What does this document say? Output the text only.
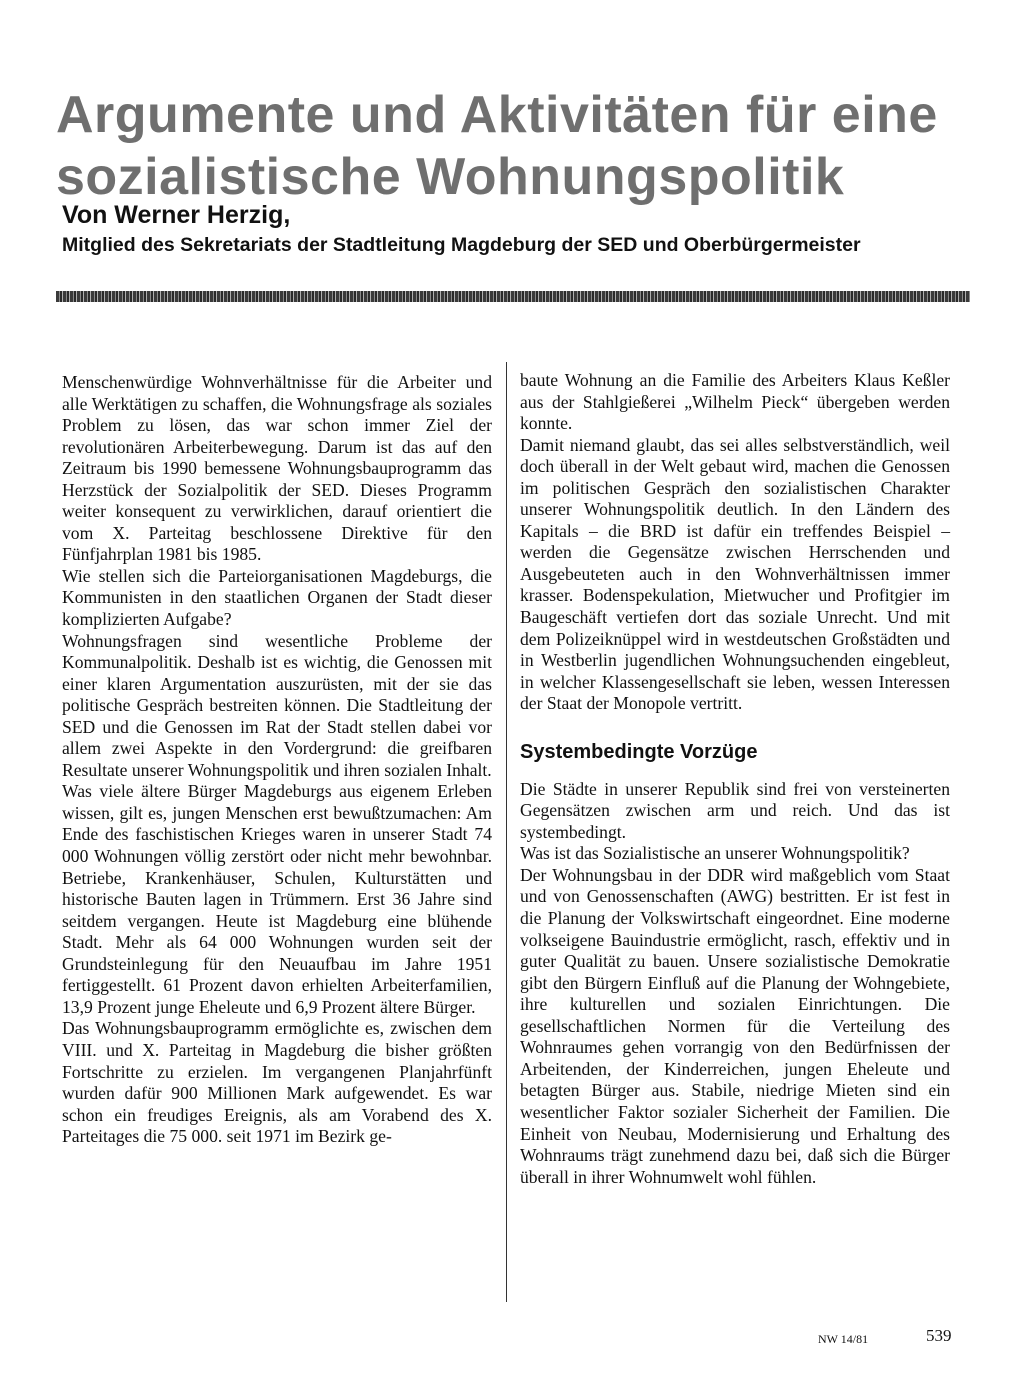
Argumente und Aktivitäten für eine
sozialistische Wohnungspolitik
Von Werner Herzig,
Mitglied des Sekretariats der Stadtleitung Magdeburg der SED und Oberbürgermeister

Menschenwürdige Wohnverhältnisse für die Arbeiter und alle Werktätigen zu schaffen, die Wohnungsfrage als soziales Problem zu lösen, das war schon immer Ziel der revolutionären Arbeiterbewegung. Darum ist das auf den Zeitraum bis 1990 bemessene Wohnungsbauprogramm das Herzstück der Sozialpolitik der SED. Dieses Programm weiter konsequent zu verwirklichen, darauf orientiert die vom X. Parteitag beschlossene Direktive für den Fünfjahrplan 1981 bis 1985.

Wie stellen sich die Parteiorganisationen Magdeburgs, die Kommunisten in den staatlichen Organen der Stadt dieser komplizierten Aufgabe?

Wohnungsfragen sind wesentliche Probleme der Kommunalpolitik. Deshalb ist es wichtig, die Genossen mit einer klaren Argumentation auszurüsten, mit der sie das politische Gespräch bestreiten können. Die Stadtleitung der SED und die Genossen im Rat der Stadt stellen dabei vor allem zwei Aspekte in den Vordergrund: die greifbaren Resultate unserer Wohnungspolitik und ihren sozialen Inhalt.

Was viele ältere Bürger Magdeburgs aus eigenem Erleben wissen, gilt es, jungen Menschen erst bewußtzumachen: Am Ende des faschistischen Krieges waren in unserer Stadt 74 000 Wohnungen völlig zerstört oder nicht mehr bewohnbar. Betriebe, Krankenhäuser, Schulen, Kulturstätten und historische Bauten lagen in Trümmern. Erst 36 Jahre sind seitdem vergangen. Heute ist Magdeburg eine blühende Stadt. Mehr als 64 000 Wohnungen wurden seit der Grundsteinlegung für den Neuaufbau im Jahre 1951 fertiggestellt. 61 Prozent davon erhielten Arbeiterfamilien, 13,9 Prozent junge Eheleute und 6,9 Prozent ältere Bürger.

Das Wohnungsbauprogramm ermöglichte es, zwischen dem VIII. und X. Parteitag in Magdeburg die bisher größten Fortschritte zu erzielen. Im vergangenen Planjahrfünft wurden dafür 900 Millionen Mark aufgewendet. Es war schon ein freudiges Ereignis, als am Vorabend des X. Parteitages die 75 000. seit 1971 im Bezirk ge-

baute Wohnung an die Familie des Arbeiters Klaus Keßler aus der Stahlgießerei „Wilhelm Pieck“ übergeben werden konnte.

Damit niemand glaubt, das sei alles selbstverständlich, weil doch überall in der Welt gebaut wird, machen die Genossen im politischen Gespräch den sozialistischen Charakter unserer Wohnungspolitik deutlich. In den Ländern des Kapitals – die BRD ist dafür ein treffendes Beispiel – werden die Gegensätze zwischen Herrschenden und Ausgebeuteten auch in den Wohnverhältnissen immer krasser. Bodenspekulation, Mietwucher und Profitgier im Baugeschäft vertiefen dort das soziale Unrecht. Und mit dem Polizeiknüppel wird in westdeutschen Großstädten und in Westberlin jugendlichen Wohnungsuchenden eingebleut, in welcher Klassengesellschaft sie leben, wessen Interessen der Staat der Monopole vertritt.

Systembedingte Vorzüge

Die Städte in unserer Republik sind frei von versteinerten Gegensätzen zwischen arm und reich. Und das ist systembedingt.

Was ist das Sozialistische an unserer Wohnungspolitik?

Der Wohnungsbau in der DDR wird maßgeblich vom Staat und von Genossenschaften (AWG) bestritten. Er ist fest in die Planung der Volkswirtschaft eingeordnet. Eine moderne volkseigene Bauindustrie ermöglicht, rasch, effektiv und in guter Qualität zu bauen. Unsere sozialistische Demokratie gibt den Bürgern Einfluß auf die Planung der Wohngebiete, ihre kulturellen und sozialen Einrichtungen. Die gesellschaftlichen Normen für die Verteilung des Wohnraumes gehen vorrangig von den Bedürfnissen der Arbeitenden, der Kinderreichen, jungen Eheleute und betagten Bürger aus. Stabile, niedrige Mieten sind ein wesentlicher Faktor sozialer Sicherheit der Familien. Die Einheit von Neubau, Modernisierung und Erhaltung des Wohnraums trägt zunehmend dazu bei, daß sich die Bürger überall in ihrer Wohnumwelt wohl fühlen.

NW 14/81	539
